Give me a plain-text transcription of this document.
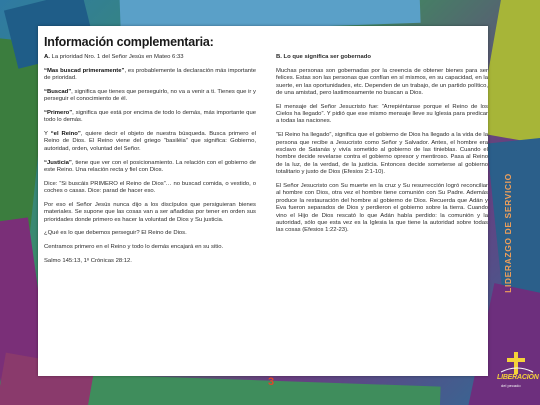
Información complementaria:

A. La prioridad Nro. 1 del Señor Jesús en Mateo 6:33

“Mas buscad primeramente”, es probablemente la declaración más importante de prioridad.

“Buscad”, significa que tienes que perseguirlo, no va a venir a ti. Tienes que ir y perseguir el conocimiento de él.

“Primero”, significa que está por encima de todo lo demás, más importante que todo lo demás.

Y “el Reino”, quiere decir el objeto de nuestra búsqueda. Busca primero el Reino de Dios. El Reino viene del griego “basiléia” que significa: Gobierno, autoridad, orden, voluntad del Señor.

“Justicia”, tiene que ver con el posicionamiento. La relación con el gobierno de este Reino. Una relación recta y fiel con Dios.

Dice: “Si buscáis PRIMERO el Reino de Dios”… no buscad comida, o vestido, o coches o casas. Dice: parad de hacer eso.

Por eso el Señor Jesús nunca dijo a los discípulos que persiguieran bienes materiales. Se supone que las cosas van a ser añadidas por tener en orden sus prioridades donde primero es hacer la voluntad de Dios y Su justicia.

¿Qué es lo que debemos perseguir? El Reino de Dios.

Centramos primero en el Reino y todo lo demás encajará en su sitio.

Salmo 145:13, 1º Crónicas 28:12.

B. Lo que significa ser gobernado

Muchas personas son gobernadas por la creencia de obtener bienes para ser felices. Estas son las personas que confían en sí mismos, en su capacidad, en la suerte, en las oportunidades, etc. Dependen de un trabajo, de un partido político, de una amistad, pero lastimosamente no buscan a Dios.

El mensaje del Señor Jesucristo fue: “Arrepiéntanse porque el Reino de los Cielos ha llegado”. Y pidió que ese mismo mensaje lleve su Iglesia para predicar a todas las naciones.

“El Reino ha llegado”, significa que el gobierno de Dios ha llegado a la vida de la persona que recibe a Jesucristo como Señor y Salvador. Antes, el hombre era esclavo de Satanás y vivía sometido al gobierno de las tinieblas. Cuando el hombre decide revelarse contra el gobierno opresor y mentiroso. Pasa al Reino de la luz, de la verdad, de la justicia. Entonces decide someterse al gobierno totalitario y justo de Dios (Efesios 2:1-10).

El Señor Jesucristo con Su muerte en la cruz y Su resurrección logró reconciliar al hombre con Dios, otra vez el hombre tiene comunión con Su Padre. Además produce la restauración del hombre al gobierno de Dios. Recuerda que Adán y Eva fueron separados de Dios y perdieron el gobierno sobre la tierra. Cuando vino el Hijo de Dios rescató lo que Adán había perdido: la comunión y la autoridad, sólo que esta vez es la Iglesia la que tiene la autoridad sobre todas las cosas (Efesios 1:22-23).

3
LIDERAZGO DE SERVICIO
LIBERACIÓN
del pecado
